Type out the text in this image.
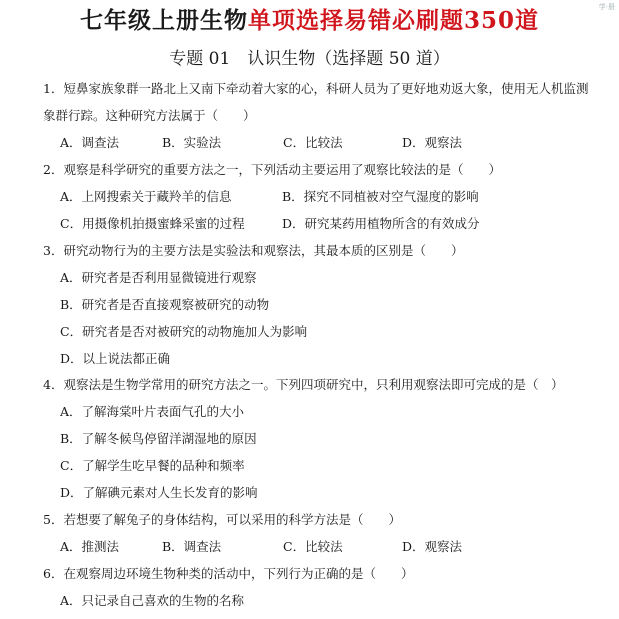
七年级上册生物单项选择易错必刷题350道	学·册
专题 01　认识生物（选择题 50 道）
1．短鼻家族象群一路北上又南下牵动着大家的心，科研人员为了更好地劝返大象，使用无人机监测
象群行踪。这种研究方法属于（　　）
A．调查法	B．实验法	C．比较法	D．观察法
2．观察是科学研究的重要方法之一，下列活动主要运用了观察比较法的是（　　）
A．上网搜索关于藏羚羊的信息	B．探究不同植被对空气湿度的影响
C．用摄像机拍摄蜜蜂采蜜的过程	D．研究某药用植物所含的有效成分
3．研究动物行为的主要方法是实验法和观察法，其最本质的区别是（　　）
A．研究者是否利用显微镜进行观察
B．研究者是否直接观察被研究的动物
C．研究者是否对被研究的动物施加人为影响
D．以上说法都正确
4．观察法是生物学常用的研究方法之一。下列四项研究中，只利用观察法即可完成的是（　）
A．了解海棠叶片表面气孔的大小
B．了解冬候鸟停留洋湖湿地的原因
C．了解学生吃早餐的品种和频率
D．了解碘元素对人生长发育的影响
5．若想要了解兔子的身体结构，可以采用的科学方法是（　　）
A．推测法	B．调查法	C．比较法	D．观察法
6．在观察周边环境生物种类的活动中，下列行为正确的是（　　）
A．只记录自己喜欢的生物的名称
